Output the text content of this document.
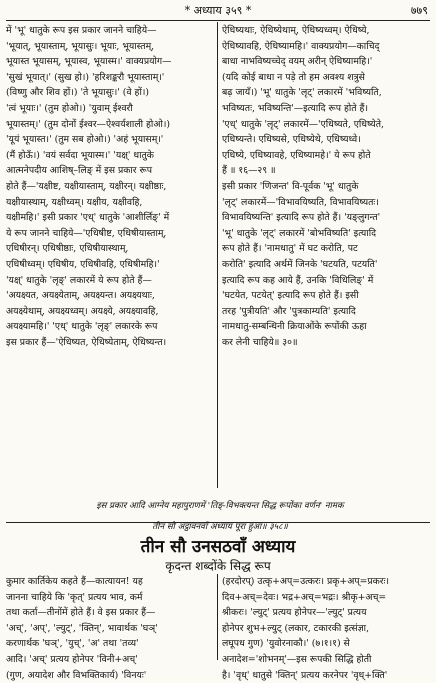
* अध्याय ३५९ *	७७९

में 'भू' धातुके रूप इस प्रकार जानने चाहिये—

'भूयात्, भूयास्ताम्, भूयासुः। भूयाः, भूयास्तम्,

भूयास्त भूयासम्, भूयास्व, भूयास्म।' वाक्यप्रयोग—

'सुखं भूयात्।' (सुख हो।) 'हरिशङ्करौ भूयास्ताम्।'

(विष्णु और शिव हों।) 'ते भूयासुः।' (वे हों।)

'त्वं भूयाः।' (तुम होओ।) 'युवाम् ईश्वरौ

भूयास्तम्।' (तुम दोनों ईश्वर—ऐश्वर्यशाली होओ।)

'यूयं भूयास्त।' (तुम सब होओ।) 'अहं भूयासम्।'

(मैं होऊँ।) 'वयं सर्वदा भूयास्म।' 'यक्ष्' धातुके

आत्मनेपदीय आशिष्–लिङ् में इस प्रकार रूप

होते हैं—'यक्षीष्ट, यक्षीयास्ताम्, यक्षीरन्। यक्षीष्ठाः,

यक्षीयास्थाम्, यक्षीध्वम्। यक्षीय, यक्षीवहि,

यक्षीमहि।' इसी प्रकार 'एध्' धातुके 'आशीर्लिङ्' में

ये रूप जानने चाहिये—'एधिषीष्ट, एधिषीयास्ताम्,

एधिषीरन्। एधिषीष्ठाः, एधिषीयास्थाम्,

एधिषीध्वम्। एधिषीय, एधिषीवहि, एधिषीमहि।'

'यक्ष्' धातुके 'लृङ्' लकारमें ये रूप होते हैं—

'अयक्ष्यत, अयक्ष्येताम्, अयक्ष्यन्त। अयक्ष्यथाः,

अयक्ष्येथाम्, अयक्ष्यध्वम्। अयक्ष्ये, अयक्ष्यावहि,

अयक्ष्यामहि।' 'एध्' धातुके 'लृङ्' लकारके रूप

इस प्रकार हैं—'ऐधिष्यत, ऐधिष्येताम्, ऐधिष्यन्त।

ऐधिष्यथाः, ऐधिष्येथाम्, ऐधिष्यध्वम्। ऐधिष्ये,

ऐधिष्यावहि, ऐधिष्यामहि।' वाक्यप्रयोग—काचिद्

बाधा नाभविष्यच्चेद् वयम् अरीन् ऐधिष्यामहि।'

(यदि कोई बाधा न पड़े तो हम अवश्य शत्रुसे

बढ़ जायँ।) 'भू' धातुके 'लृट्' लकारमें 'भविष्यति,

भविष्यतः, भविष्यन्ति'—इत्यादि रूप होते हैं।

'एध्' धातुके 'लृट्' लकारमें—'एधिष्यते, एधिष्येते,

एधिष्यन्ते। एधिष्यसे, एधिष्येथे, एधिष्यध्वे।

एधिष्ये, एधिष्यावहे, एधिष्यामहे।' ये रूप होते

हैं ॥ १६—२९ ॥

इसी प्रकार 'णिजन्त' वि-पूर्वक 'भू' धातुके

'लृट्' लकारमें—'विभावयिष्यति, विभावयिष्यतः।

विभावयिष्यन्ति' इत्यादि रूप होते हैं। 'यङ्लुगन्त'

'भू' धातुके 'लृट्' लकारमें 'बोभविष्यति' इत्यादि

रूप होते हैं। 'नामधातु' में घट करोति, पट

करोति' इत्यादि अर्थमें जिनके 'घटयति, पटयति'

इत्यादि रूप कह आये हैं, उनकि 'विधिलिङ्' में

'घटयेत, पटयेत्' इत्यादि रूप होते हैं। इसी

तरह 'पुत्रीयति' और 'पुत्रकाम्यति' इत्यादि

नामधातु-सम्बन्धिनी क्रियाओंके रूपोंकी ऊहा

कर लेनी चाहिये॥ ३०॥

इस प्रकार आदि आग्नेय महापुराणमें 'तिङ्-विभक्त्यन्त सिद्ध रूपोंका वर्णन' नामक

तीन सौ अट्ठावनवाँ अध्याय पूरा हुआ॥ ३५८॥

तीन सौ उनसठवाँ अध्याय
कृदन्त शब्दोंके सिद्ध रूप

कुमार कार्तिकेय कहते हैं—कात्यायन! यह

जानना चाहिये कि 'कृत्' प्रत्यय भाव, कर्म

तथा कर्ता—तीनोंमें होते हैं। वे इस प्रकार हैं—

'अच्', 'अप्', 'ल्युट्', 'क्तिन्', भावार्थक 'घञ्'

करणार्थक 'घञ्', 'युच्', 'अ' तथा 'तव्य'

आदि। 'अच्' प्रत्यय होनेपर 'विनी+अच्'

(गुण, अयादेश और विभक्तिकार्य) 'विनयः'

(हरदोरप्) उत्कृ+अप्=उत्करः। प्रकृ+अप्=प्रकरः।

दिव+अच्=देवः। भद्र+अच्=भद्रः। श्रीकृ+अच्=

श्रीकरः। 'ल्युट्' प्रत्यय होनेपर—'ल्युट्' प्रत्यय

होनेपर शुभ+ल्युट् (लकार, टकारकी इत्संज्ञा,

लघूपध गुण) 'युवोरनाकौ।' (७।१।१) से

अनादेश='शोभनम्'—इस रूपकी सिद्धि होती

है। 'वृध्' धातुसे 'क्तिन्' प्रत्यय करनेपर 'वृध्+क्ति'
